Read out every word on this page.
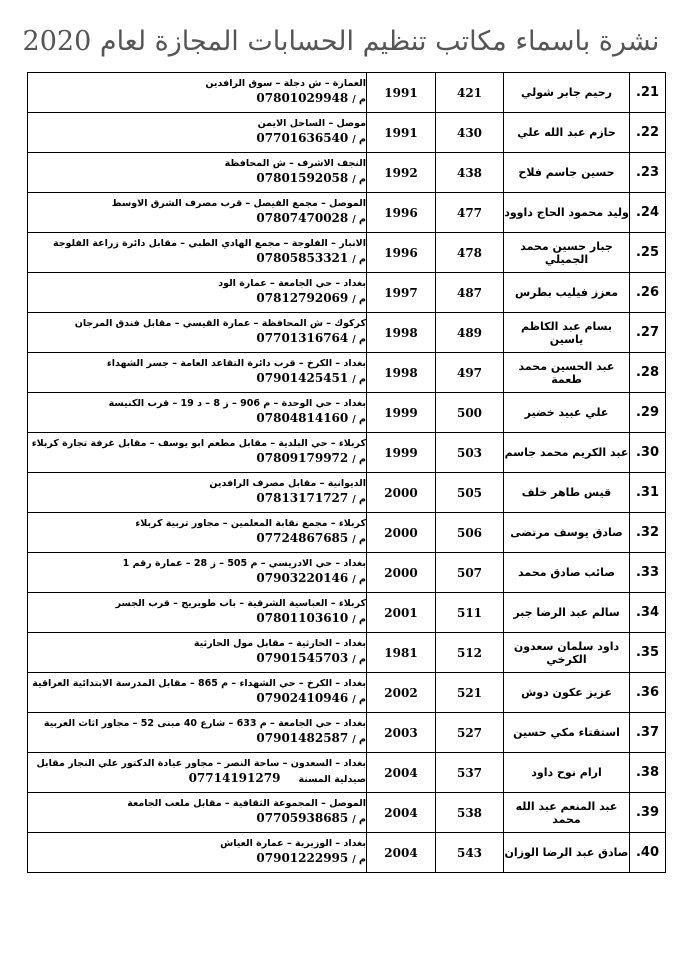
نشرة باسماء مكاتب تنظيم الحسابات المجازة لعام 2020
21.	رحيم جابر شولي	421	1991	العمارة – ش دجلة – سوق الرافدين
م /07801029948

22.	حازم عبد الله علي	430	1991	موصل – الساحل الايمن
م /07701636540

23.	حسين جاسم فلاح	438	1992	النجف الاشرف – ش المحافظة
م /07801592058

24.	وليد محمود الحاج داوود	477	1996	الموصل – مجمع الفيصل – قرب مصرف الشرق الاوسط
م /07807470028

25.	جبار حسين محمد الجميلي	478	1996	الانبار – الفلوجة – مجمع الهادي الطبي – مقابل دائرة زراعة الفلوجة
م /07805853321

26.	معزز فيليب بطرس	487	1997	بغداد – حي الجامعة – عمارة الود
م /07812792069

27.	بسام عبد الكاظم ياسين	489	1998	كركوك – ش المحافظة – عمارة القيسي – مقابل فندق المرجان
م /07701316764

28.	عبد الحسين محمد طعمة	497	1998	بغداد – الكرخ – قرب دائرة التقاعد العامة – جسر الشهداء
م /07901425451

29.	علي عبيد خضير	500	1999	بغداد – حي الوحدة – م 906 – ز 8 – د 19 – قرب الكنيسة
م /07804814160

30.	عبد الكريم محمد جاسم	503	1999	كربلاء – حي البلدية – مقابل مطعم ابو يوسف – مقابل غرفة تجارة كربلاء
م /07809179972

31.	قيس طاهر خلف	505	2000	الديوانية – مقابل مصرف الرافدين
م /07813171727

32.	صادق يوسف مرتضى	506	2000	كربلاء – مجمع نقابة المعلمين – مجاور تربية كربلاء
م /07724867685

33.	صائب صادق محمد	507	2000	بغداد – حي الادريسي – م 505 – ز 28 – عمارة رقم 1
م /07903220146

34.	سالم عبد الرضا جبر	511	2001	كربلاء – العباسية الشرقية – باب طويريج – قرب الجسر
م /07801103610

35.	داود سلمان سعدون الكرخي	512	1981	بغداد – الحارثية – مقابل مول الحارثية
م /07901545703

36.	عزيز عكون دوش	521	2002	بغداد – الكرخ – حي الشهداء – م 865 – مقابل المدرسة الابتدائية العراقية
م /07902410946

37.	استقتاء مكي حسين	527	2003	بغداد – حي الجامعة – م 633 – شارع 40 مبنى 52 – مجاور اثاث العربية
م /07901482587

38.	ارام نوح داود	537	2004	بغداد – السعدون – ساحة النصر – مجاور عيادة الدكتور علي النجار مقابل
صيدلية المسنة07714191279

39.	عبد المنعم عبد الله محمد	538	2004	الموصل – المجموعة الثقافية – مقابل ملعب الجامعة
م /07705938685

40.	صادق عبد الرضا الوزان	543	2004	بغداد – الوزيرية – عمارة العياش
م /07901222995
